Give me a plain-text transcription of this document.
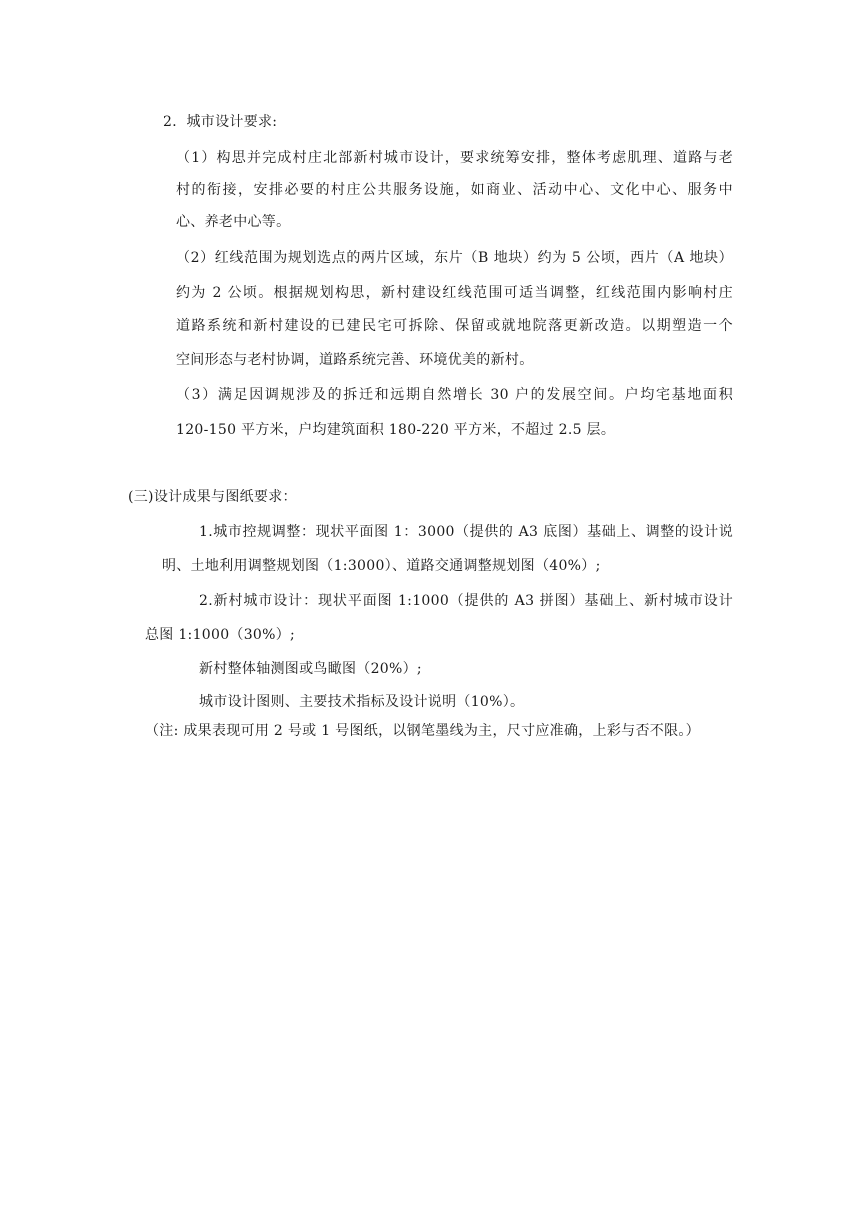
2．城市设计要求:
（1）构思并完成村庄北部新村城市设计，要求统筹安排，整体考虑肌理、道路与老
村的衔接，安排必要的村庄公共服务设施，如商业、活动中心、文化中心、服务中
心、养老中心等。
（2）红线范围为规划选点的两片区域，东片（B 地块）约为 5 公顷，西片（A 地块）
约为 2 公顷。根据规划构思，新村建设红线范围可适当调整，红线范围内影响村庄
道路系统和新村建设的已建民宅可拆除、保留或就地院落更新改造。以期塑造一个
空间形态与老村协调，道路系统完善、环境优美的新村。
（3）满足因调规涉及的拆迁和远期自然增长 30 户的发展空间。户均宅基地面积
120-150 平方米，户均建筑面积 180-220 平方米，不超过 2.5 层。
(三)设计成果与图纸要求：
1.城市控规调整：现状平面图 1：3000（提供的 A3 底图）基础上、调整的设计说
明、土地利用调整规划图（1:3000）、道路交通调整规划图（40%）;
2.新村城市设计：现状平面图 1:1000（提供的 A3 拼图）基础上、新村城市设计
总图 1:1000（30%）;
新村整体轴测图或鸟瞰图（20%）;
城市设计图则、主要技术指标及设计说明（10%）。
（注: 成果表现可用 2 号或 1 号图纸，以钢笔墨线为主，尺寸应准确，上彩与否不限。）
